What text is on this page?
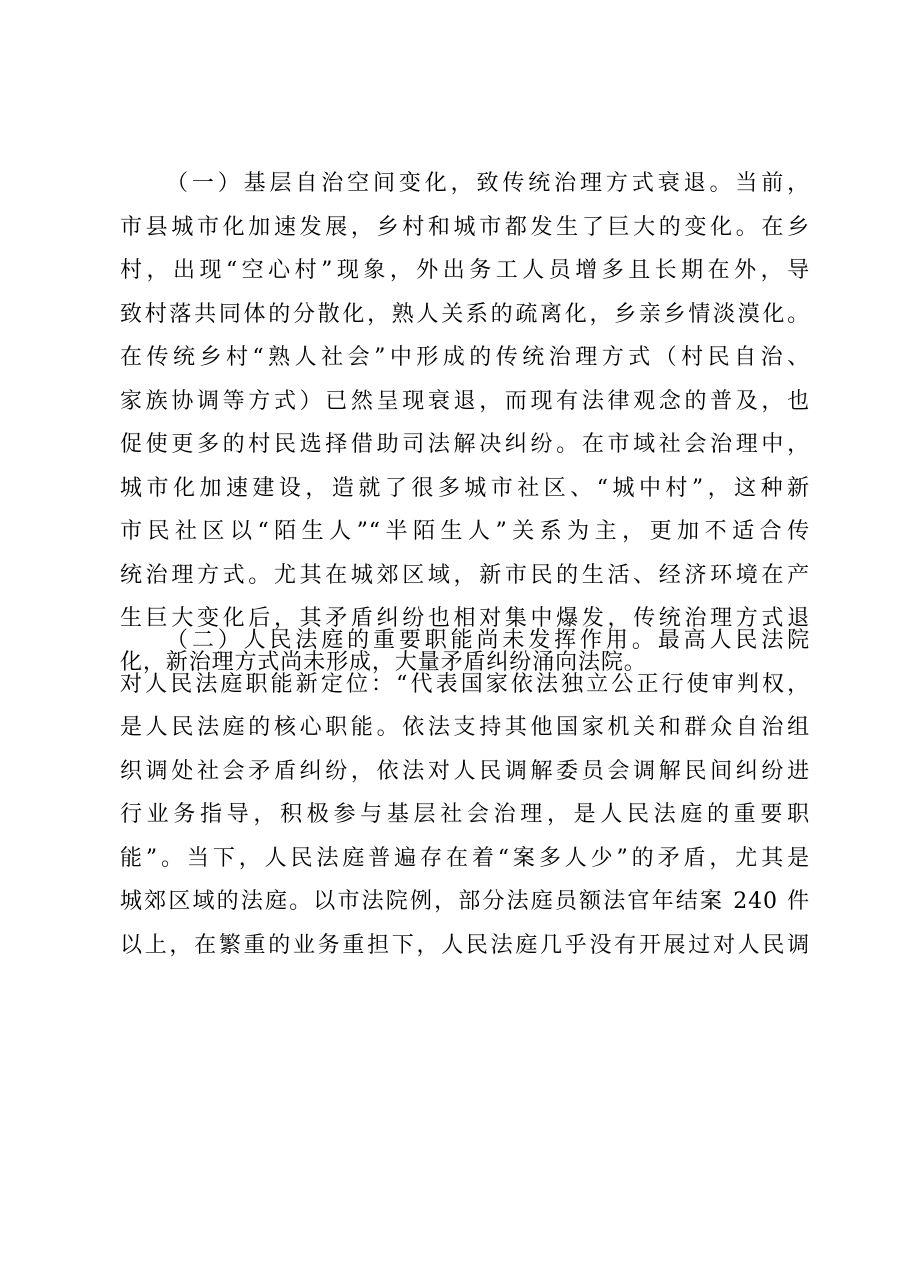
（一）基层自治空间变化，致传统治理方式衰退。当前，
市县城市化加速发展，乡村和城市都发生了巨大的变化。在乡
村，出现“空心村”现象，外出务工人员增多且长期在外，导
致村落共同体的分散化，熟人关系的疏离化，乡亲乡情淡漠化。
在传统乡村“熟人社会”中形成的传统治理方式（村民自治、
家族协调等方式）已然呈现衰退，而现有法律观念的普及，也
促使更多的村民选择借助司法解决纠纷。在市域社会治理中，
城市化加速建设，造就了很多城市社区、“城中村”，这种新
市民社区以“陌生人”“半陌生人”关系为主，更加不适合传
统治理方式。尤其在城郊区域，新市民的生活、经济环境在产
生巨大变化后，其矛盾纠纷也相对集中爆发，传统治理方式退
化，新治理方式尚未形成，大量矛盾纠纷涌向法院。
（二）人民法庭的重要职能尚未发挥作用。最高人民法院
对人民法庭职能新定位：“代表国家依法独立公正行使审判权，
是人民法庭的核心职能。依法支持其他国家机关和群众自治组
织调处社会矛盾纠纷，依法对人民调解委员会调解民间纠纷进
行业务指导，积极参与基层社会治理，是人民法庭的重要职
能”。当下，人民法庭普遍存在着“案多人少”的矛盾，尤其是
城郊区域的法庭。以市法院例，部分法庭员额法官年结案 240 件
以上，在繁重的业务重担下，人民法庭几乎没有开展过对人民调
